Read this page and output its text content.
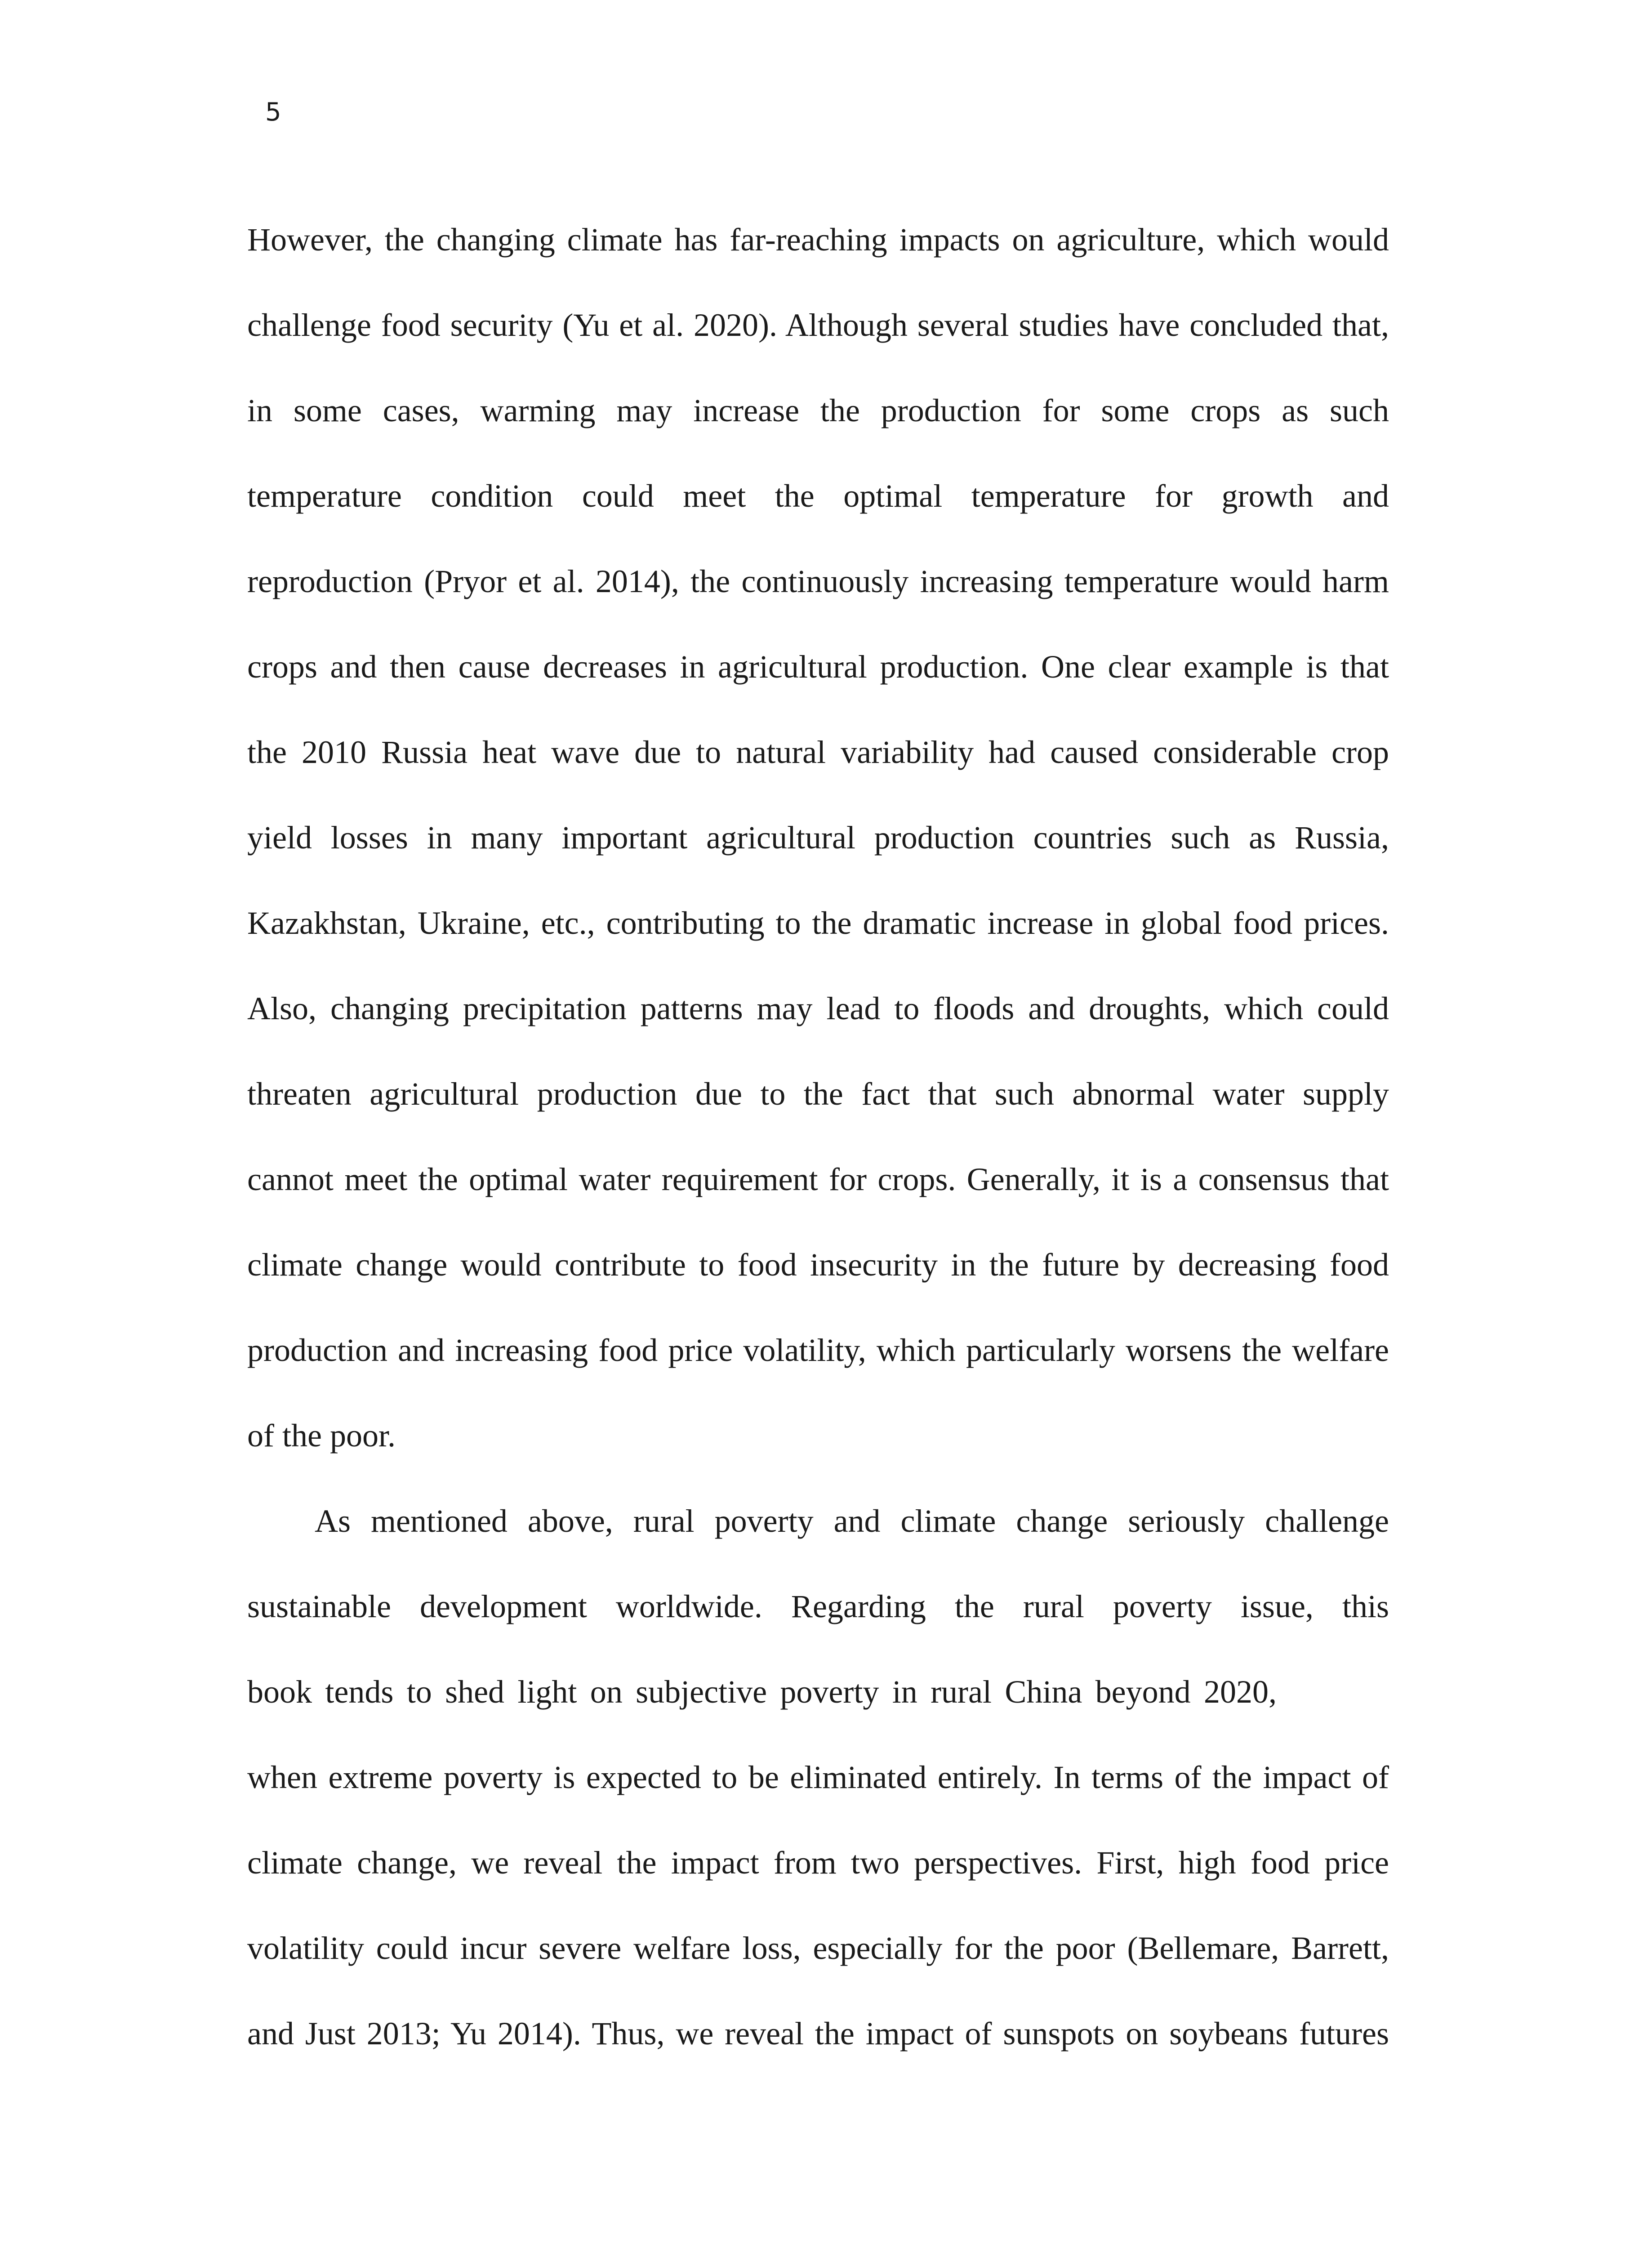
5
However, the changing climate has far-reaching impacts on agriculture, which would
challenge food security (Yu et al. 2020). Although several studies have concluded that,
in some cases, warming may increase the production for some crops as such
temperature condition could meet the optimal temperature for growth and
reproduction (Pryor et al. 2014), the continuously increasing temperature would harm
crops and then cause decreases in agricultural production. One clear example is that
the 2010 Russia heat wave due to natural variability had caused considerable crop
yield losses in many important agricultural production countries such as Russia,
Kazakhstan, Ukraine, etc., contributing to the dramatic increase in global food prices.
Also, changing precipitation patterns may lead to floods and droughts, which could
threaten agricultural production due to the fact that such abnormal water supply
cannot meet the optimal water requirement for crops. Generally, it is a consensus that
climate change would contribute to food insecurity in the future by decreasing food
production and increasing food price volatility, which particularly worsens the welfare
of the poor.
As mentioned above, rural poverty and climate change seriously challenge
sustainable development worldwide. Regarding the rural poverty issue, this
book tends to shed light on subjective poverty in rural China beyond 2020,
when extreme poverty is expected to be eliminated entirely. In terms of the impact of
climate change, we reveal the impact from two perspectives. First, high food price
volatility could incur severe welfare loss, especially for the poor (Bellemare, Barrett,
and Just 2013; Yu 2014). Thus, we reveal the impact of sunspots on soybeans futures
